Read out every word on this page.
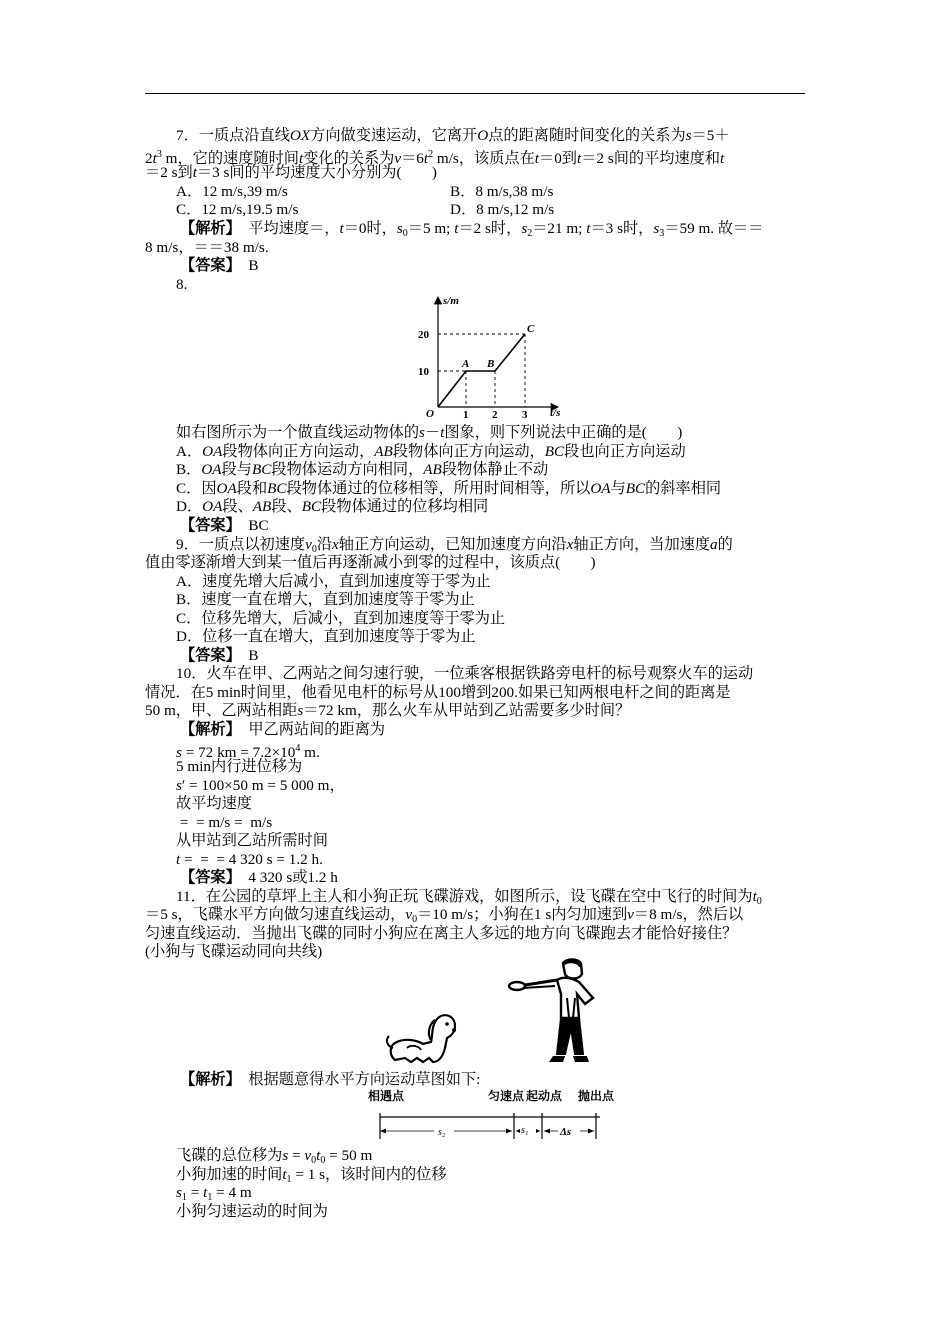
7．一质点沿直线OX方向做变速运动，它离开O点的距离随时间变化的关系为s＝5＋
$2t^3$ m，它的速度随时间t变化的关系为$v=6t^2$ m/s，该质点在t＝0到t＝2 s间的平均速度和t
＝2 s到t＝3 s间的平均速度大小分别为(　　)
A．12 m/s,39 m/s	B．8 m/s,38 m/s
C．12 m/s,19.5 m/s	D．8 m/s,12 m/s
【解析】　平均速度＝，t＝0时，$s_0=5$ m; t＝2 s时，$s_2=21$ m; t＝3 s时，$s_3=59$ m. 故＝＝
8 m/s，＝＝38 m/s.
【答案】　 B
8.
s/m
t/s
O
20
10
1 2 3
A B
C
如右图所示为一个做直线运动物体的s－t图象，则下列说法中正确的是(　　)
A．OA段物体向正方向运动，AB段物体向正方向运动，BC段也向正方向运动
B．OA段与BC段物体运动方向相同，AB段物体静止不动
C．因OA段和BC段物体通过的位移相等，所用时间相等，所以OA与BC的斜率相同
D．OA段、AB段、BC段物体通过的位移均相同
【答案】　 BC
9．一质点以初速度$v_0$沿x轴正方向运动，已知加速度方向沿x轴正方向，当加速度a的
值由零逐渐增大到某一值后再逐渐减小到零的过程中，该质点(　　)
A．速度先增大后减小，直到加速度等于零为止
B．速度一直在增大，直到加速度等于零为止
C．位移先增大，后减小，直到加速度等于零为止
D．位移一直在增大，直到加速度等于零为止
【答案】　 B
10．火车在甲、乙两站之间匀速行驶，一位乘客根据铁路旁电杆的标号观察火车的运动
情况．在5 min时间里，他看见电杆的标号从100增到200.如果已知两根电杆之间的距离是
50 m，甲、乙两站相距s＝72 km，那么火车从甲站到乙站需要多少时间？
【解析】　甲乙两站间的距离为
s = 72 km = $7.2\times 10^4$ m.
5 min内行进位移为
s′ = 100×50 m = 5 000 m，
故平均速度
=  = m/s =  m/s
从甲站到乙站所需时间
t =  =  = 4 320 s = 1.2 h.
【答案】　 4 320 s或1.2 h
11．在公园的草坪上主人和小狗正玩飞碟游戏，如图所示，设飞碟在空中飞行的时间为$t_0$
＝5 s，飞碟水平方向做匀速直线运动，$v_0=10$ m/s；小狗在1 s内匀加速到v＝8 m/s，然后以
匀速直线运动．当抛出飞碟的同时小狗应在离主人多远的地方向飞碟跑去才能恰好接住？
(小狗与飞碟运动同向共线)
【解析】　根据题意得水平方向运动草图如下:
相遇点	匀速点 起动点 抛出点
s₂	s₁	Δs
飞碟的总位移为$s = v_0t_0 = 50$ m
小狗加速的时间$t_1 = 1$ s，该时间内的位移
$s_1 = t_1 = 4$ m
小狗匀速运动的时间为
